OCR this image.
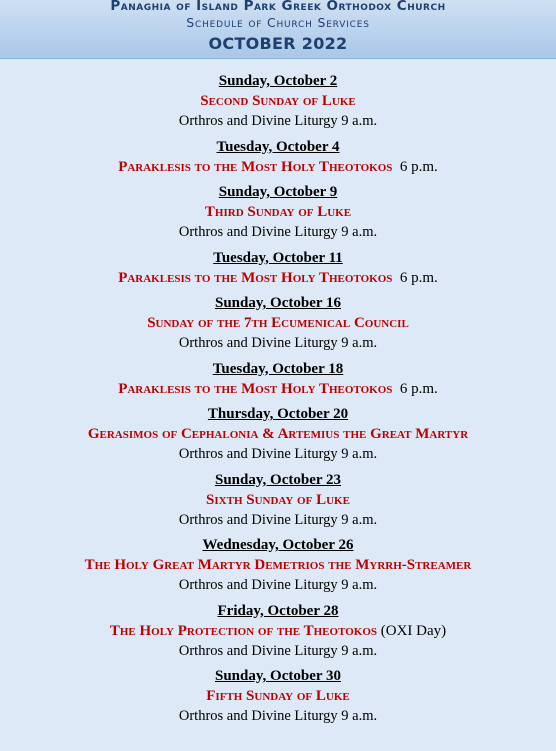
Panaghia of Island Park Greek Orthodox Church
Schedule of Church Services
OCTOBER 2022
Sunday, October 2
Second Sunday of Luke
Orthros and Divine Liturgy 9 a.m.
Tuesday, October 4
Paraklesis to the Most Holy Theotokos 6 p.m.
Sunday, October 9
Third Sunday of Luke
Orthros and Divine Liturgy 9 a.m.
Tuesday, October 11
Paraklesis to the Most Holy Theotokos 6 p.m.
Sunday, October 16
Sunday of the 7th Ecumenical Council
Orthros and Divine Liturgy 9 a.m.
Tuesday, October 18
Paraklesis to the Most Holy Theotokos 6 p.m.
Thursday, October 20
Gerasimos of Cephalonia & Artemius the Great Martyr
Orthros and Divine Liturgy 9 a.m.
Sunday, October 23
Sixth Sunday of Luke
Orthros and Divine Liturgy 9 a.m.
Wednesday, October 26
The Holy Great Martyr Demetrios the Myrrh-Streamer
Orthros and Divine Liturgy 9 a.m.
Friday, October 28
The Holy Protection of the Theotokos (OXI Day)
Orthros and Divine Liturgy 9 a.m.
Sunday, October 30
Fifth Sunday of Luke
Orthros and Divine Liturgy 9 a.m.
